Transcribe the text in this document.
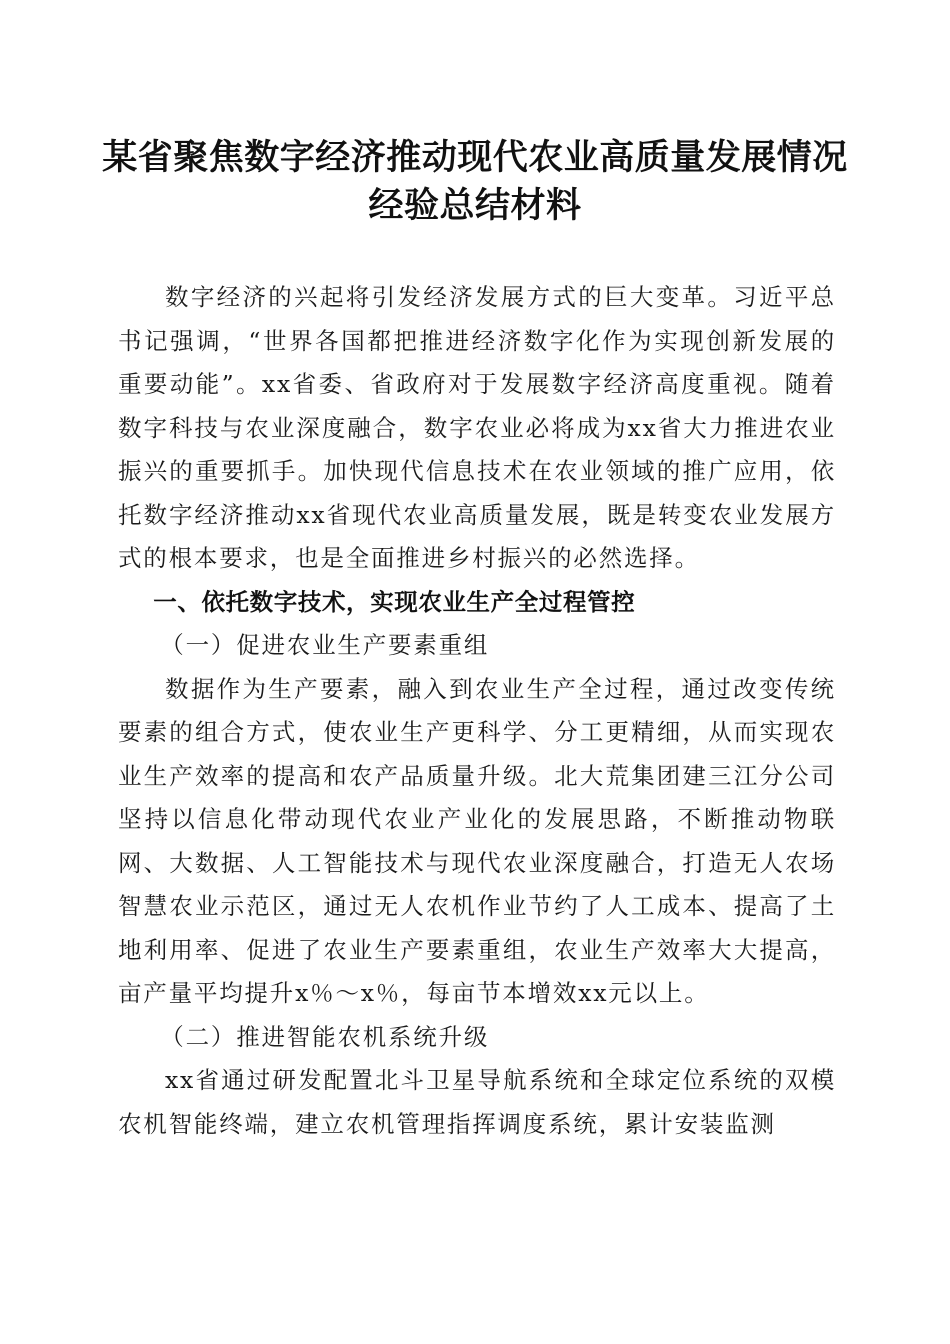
某省聚焦数字经济推动现代农业高质量发展情况经验总结材料

数字经济的兴起将引发经济发展方式的巨大变革。习近平总书记强调，“世界各国都把推进经济数字化作为实现创新发展的重要动能”。xx省委、省政府对于发展数字经济高度重视。随着数字科技与农业深度融合，数字农业必将成为xx省大力推进农业振兴的重要抓手。加快现代信息技术在农业领域的推广应用，依托数字经济推动xx省现代农业高质量发展，既是转变农业发展方式的根本要求，也是全面推进乡村振兴的必然选择。

一、依托数字技术，实现农业生产全过程管控

（一）促进农业生产要素重组

数据作为生产要素，融入到农业生产全过程，通过改变传统要素的组合方式，使农业生产更科学、分工更精细，从而实现农业生产效率的提高和农产品质量升级。北大荒集团建三江分公司坚持以信息化带动现代农业产业化的发展思路，不断推动物联网、大数据、人工智能技术与现代农业深度融合，打造无人农场智慧农业示范区，通过无人农机作业节约了人工成本、提高了土地利用率、促进了农业生产要素重组，农业生产效率大大提高，亩产量平均提升x％～x％，每亩节本增效xx元以上。

（二）推进智能农机系统升级

xx省通过研发配置北斗卫星导航系统和全球定位系统的双模农机智能终端，建立农机管理指挥调度系统，累计安装监测
